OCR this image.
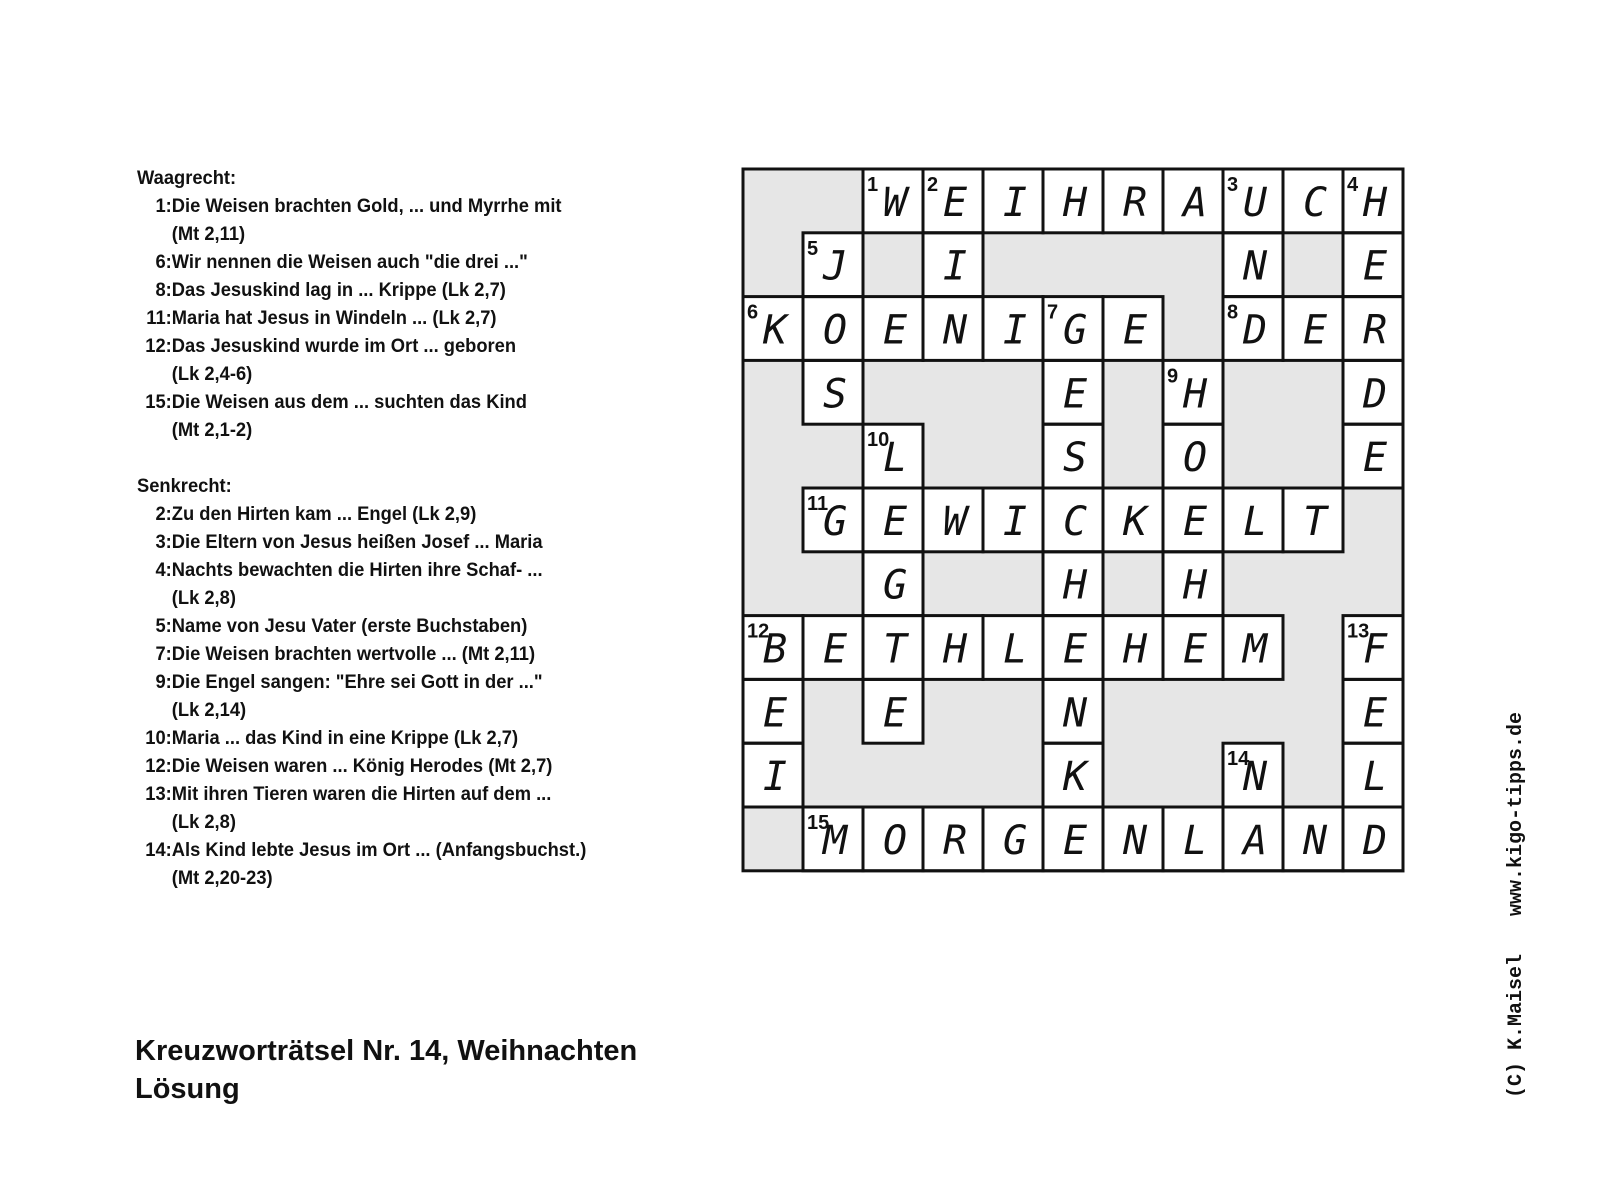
Waagrecht:
1: Die Weisen brachten Gold, ... und Myrrhe mit
(Mt 2,11)
6: Wir nennen die Weisen auch "die drei ..."
8: Das Jesuskind lag in ... Krippe (Lk 2,7)
11: Maria hat Jesus in Windeln ... (Lk 2,7)
12: Das Jesuskind wurde im Ort ... geboren
(Lk 2,4-6)
15: Die Weisen aus dem ... suchten das Kind
(Mt 2,1-2)
Senkrecht:
2: Zu den Hirten kam ... Engel (Lk 2,9)
3: Die Eltern von Jesus heißen Josef ... Maria
4: Nachts bewachten die Hirten ihre Schaf- ...
(Lk 2,8)
5: Name von Jesu Vater (erste Buchstaben)
7: Die Weisen brachten wertvolle ... (Mt 2,11)
9: Die Engel sangen: "Ehre sei Gott in der ..."
(Lk 2,14)
10: Maria ... das Kind in eine Krippe (Lk 2,7)
12: Die Weisen waren ... König Herodes (Mt 2,7)
13: Mit ihren Tieren waren die Hirten auf dem ...
(Lk 2,8)
14: Als Kind lebte Jesus im Ort ... (Anfangsbuchst.)
(Mt 2,20-23)
W E I H R A U C H
J I	N E
K O E N I G E D E R
S	E H	D
L	S O	E
G E W I C K E L T
G	H H
B E T H L E H E M F
E E	N	E
I	K	N L
M O R G E N L A N D
1 2	3	4
5
6	7	8
9
10
11
12	13
14
15
Kreuzworträtsel Nr. 14, Weihnachten
Lösung	(C) K.Maiselwww.kigo-tipps.de
